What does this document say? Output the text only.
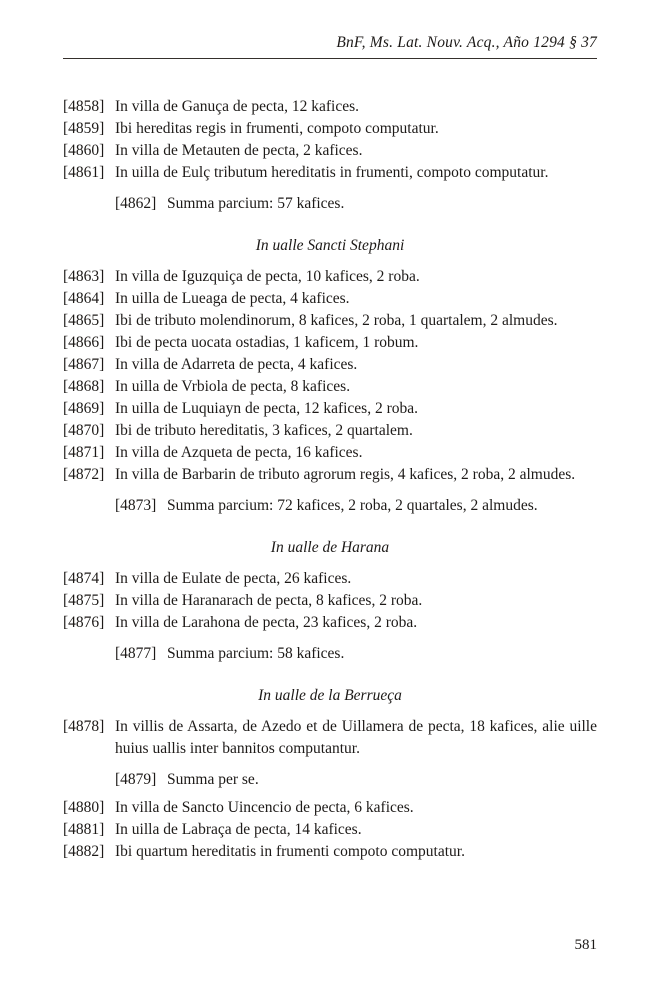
BnF, Ms. Lat. Nouv. Acq., Año 1294 § 37
[4858] In villa de Ganuça de pecta, 12 kafices.
[4859] Ibi hereditas regis in frumenti, compoto computatur.
[4860] In villa de Metauten de pecta, 2 kafices.
[4861] In uilla de Eulç tributum hereditatis in frumenti, compoto computatur.
[4862] Summa parcium: 57 kafices.
In ualle Sancti Stephani
[4863] In villa de Iguzquiça de pecta, 10 kafices, 2 roba.
[4864] In uilla de Lueaga de pecta, 4 kafices.
[4865] Ibi de tributo molendinorum, 8 kafices, 2 roba, 1 quartalem, 2 almudes.
[4866] Ibi de pecta uocata ostadias, 1 kaficem, 1 robum.
[4867] In villa de Adarreta de pecta, 4 kafices.
[4868] In uilla de Vrbiola de pecta, 8 kafices.
[4869] In uilla de Luquiayn de pecta, 12 kafices, 2 roba.
[4870] Ibi de tributo hereditatis, 3 kafices, 2 quartalem.
[4871] In villa de Azqueta de pecta, 16 kafices.
[4872] In villa de Barbarin de tributo agrorum regis, 4 kafices, 2 roba, 2 almudes.
[4873] Summa parcium: 72 kafices, 2 roba, 2 quartales, 2 almudes.
In ualle de Harana
[4874] In villa de Eulate de pecta, 26 kafices.
[4875] In villa de Haranarach de pecta, 8 kafices, 2 roba.
[4876] In villa de Larahona de pecta, 23 kafices, 2 roba.
[4877] Summa parcium: 58 kafices.
In ualle de la Berrueça
[4878] In villis de Assarta, de Azedo et de Uillamera de pecta, 18 kafices, alie uille huius uallis inter bannitos computantur.
[4879] Summa per se.
[4880] In villa de Sancto Uincencio de pecta, 6 kafices.
[4881] In uilla de Labraça de pecta, 14 kafices.
[4882] Ibi quartum hereditatis in frumenti compoto computatur.
581
